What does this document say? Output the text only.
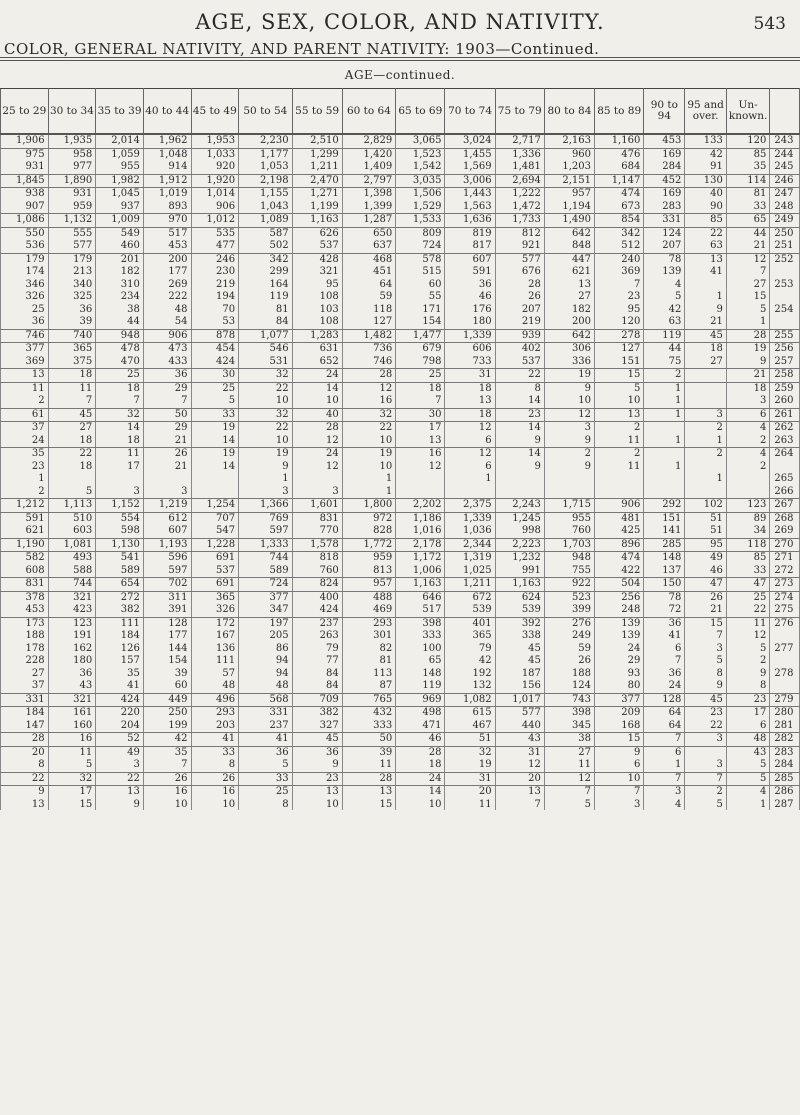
AGE, SEX, COLOR, AND NATIVITY.	543
COLOR, GENERAL NATIVITY, AND PARENT NATIVITY: 1903—Continued.
AGE—continued.
25 to 29	30 to 34	35 to 39	40 to 44	45 to 49	50 to 54	55 to 59	60 to 64	65 to 69	70 to 74	75 to 79	80 to 84	85 to 89	90 to 94	95 and over.	Un-known.	
1,906	1,935	2,014	1,962	1,953	2,230	2,510	2,829	3,065	3,024	2,717	2,163	1,160	453	133	120	243
975	958	1,059	1,048	1,033	1,177	1,299	1,420	1,523	1,455	1,336	960	476	169	42	85	244
931	977	955	914	920	1,053	1,211	1,409	1,542	1,569	1,481	1,203	684	284	91	35	245
1,845	1,890	1,982	1,912	1,920	2,198	2,470	2,797	3,035	3,006	2,694	2,151	1,147	452	130	114	246
938	931	1,045	1,019	1,014	1,155	1,271	1,398	1,506	1,443	1,222	957	474	169	40	81	247
907	959	937	893	906	1,043	1,199	1,399	1,529	1,563	1,472	1,194	673	283	90	33	248
1,086	1,132	1,009	970	1,012	1,089	1,163	1,287	1,533	1,636	1,733	1,490	854	331	85	65	249
550	555	549	517	535	587	626	650	809	819	812	642	342	124	22	44	250
536	577	460	453	477	502	537	637	724	817	921	848	512	207	63	21	251
179	179	201	200	246	342	428	468	578	607	577	447	240	78	13	12	252
174	213	182	177	230	299	321	451	515	591	676	621	369	139	41	7	
346	340	310	269	219	164	95	64	60	36	28	13	7	4		27	253
326	325	234	222	194	119	108	59	55	46	26	27	23	5	1	15	
25	36	38	48	70	81	103	118	171	176	207	182	95	42	9	5	254
36	39	44	54	53	84	108	127	154	180	219	200	120	63	21	1	
746	740	948	906	878	1,077	1,283	1,482	1,477	1,339	939	642	278	119	45	28	255
377	365	478	473	454	546	631	736	679	606	402	306	127	44	18	19	256
369	375	470	433	424	531	652	746	798	733	537	336	151	75	27	9	257
13	18	25	36	30	32	24	28	25	31	22	19	15	2		21	258
11	11	18	29	25	22	14	12	18	18	8	9	5	1		18	259
2	7	7	7	5	10	10	16	7	13	14	10	10	1		3	260
61	45	32	50	33	32	40	32	30	18	23	12	13	1	3	6	261
37	27	14	29	19	22	28	22	17	12	14	3	2		2	4	262
24	18	18	21	14	10	12	10	13	6	9	9	11	1	1	2	263
35	22	11	26	19	19	24	19	16	12	14	2	2		2	4	264
23	18	17	21	14	9	12	10	12	6	9	9	11	1		2	
1					1		1		1					1		265
2	5	3	3		3	3	1									266
1,212	1,113	1,152	1,219	1,254	1,366	1,601	1,800	2,202	2,375	2,243	1,715	906	292	102	123	267
591	510	554	612	707	769	831	972	1,186	1,339	1,245	955	481	151	51	89	268
621	603	598	607	547	597	770	828	1,016	1,036	998	760	425	141	51	34	269
1,190	1,081	1,130	1,193	1,228	1,333	1,578	1,772	2,178	2,344	2,223	1,703	896	285	95	118	270
582	493	541	596	691	744	818	959	1,172	1,319	1,232	948	474	148	49	85	271
608	588	589	597	537	589	760	813	1,006	1,025	991	755	422	137	46	33	272
831	744	654	702	691	724	824	957	1,163	1,211	1,163	922	504	150	47	47	273
378	321	272	311	365	377	400	488	646	672	624	523	256	78	26	25	274
453	423	382	391	326	347	424	469	517	539	539	399	248	72	21	22	275
173	123	111	128	172	197	237	293	398	401	392	276	139	36	15	11	276
188	191	184	177	167	205	263	301	333	365	338	249	139	41	7	12	
178	162	126	144	136	86	79	82	100	79	45	59	24	6	3	5	277
228	180	157	154	111	94	77	81	65	42	45	26	29	7	5	2	
27	36	35	39	57	94	84	113	148	192	187	188	93	36	8	9	278
37	43	41	60	48	48	84	87	119	132	156	124	80	24	9	8	
331	321	424	449	496	568	709	765	969	1,082	1,017	743	377	128	45	23	279
184	161	220	250	293	331	382	432	498	615	577	398	209	64	23	17	280
147	160	204	199	203	237	327	333	471	467	440	345	168	64	22	6	281
28	16	52	42	41	41	45	50	46	51	43	38	15	7	3	48	282
20	11	49	35	33	36	36	39	28	32	31	27	9	6		43	283
8	5	3	7	8	5	9	11	18	19	12	11	6	1	3	5	284
22	32	22	26	26	33	23	28	24	31	20	12	10	7	7	5	285
9	17	13	16	16	25	13	13	14	20	13	7	7	3	2	4	286
13	15	9	10	10	8	10	15	10	11	7	5	3	4	5	1	287
